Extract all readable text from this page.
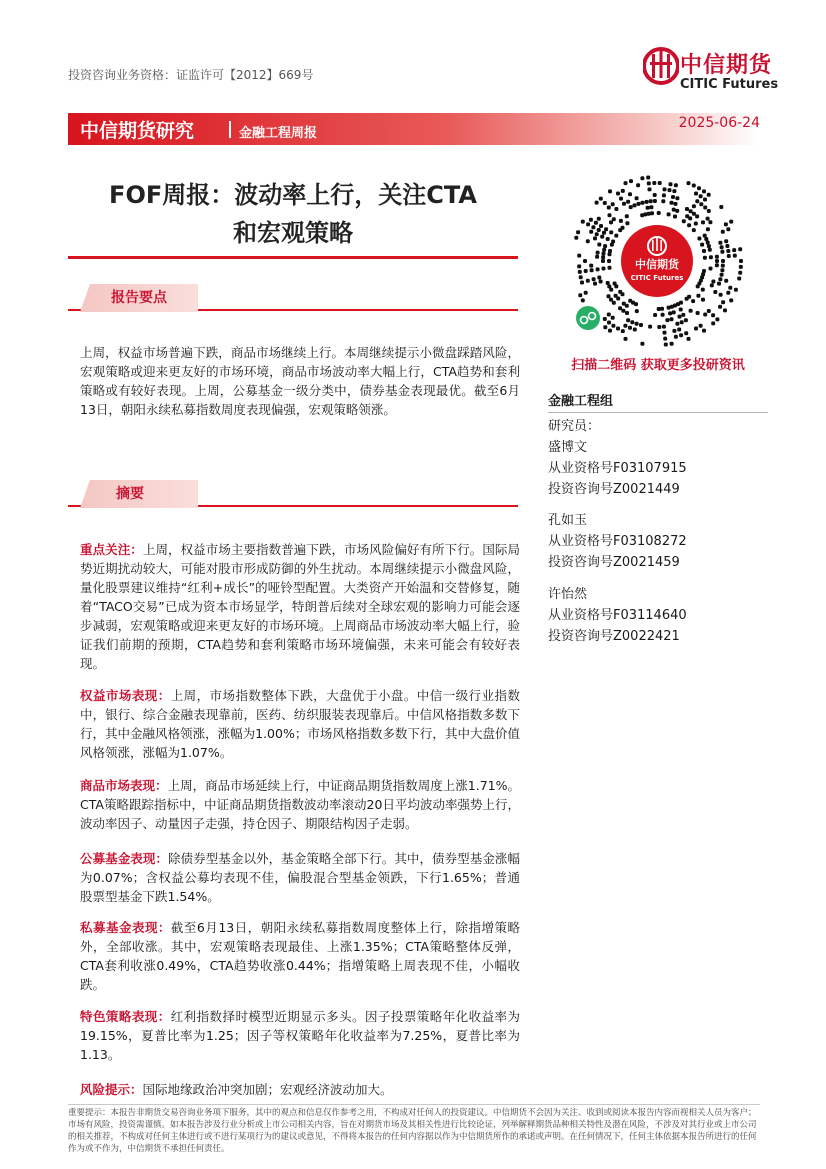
投资咨询业务资格：证监许可【2012】669号	中信期货
CITIC Futures
中信期货研究	金融工程周报
2025-06-24
FOF周报：波动率上行，关注CTA
和宏观策略
报告要点
上周，权益市场普遍下跌，商品市场继续上行。本周继续提示小微盘踩踏风险，宏观策略或迎来更友好的市场环境，商品市场波动率大幅上行，CTA趋势和套利策略或有较好表现。上周，公募基金一级分类中，债券基金表现最优。截至6月13日，朝阳永续私募指数周度表现偏强，宏观策略领涨。
摘要
重点关注：上周，权益市场主要指数普遍下跌，市场风险偏好有所下行。国际局势近期扰动较大，可能对股市形成防御的外生扰动。本周继续提示小微盘风险，量化股票建议维持“红利+成长”的哑铃型配置。大类资产开始温和交替修复，随着“TACO交易”已成为资本市场显学，特朗普后续对全球宏观的影响力可能会逐步减弱，宏观策略或迎来更友好的市场环境。上周商品市场波动率大幅上行，验证我们前期的预期，CTA趋势和套利策略市场环境偏强，未来可能会有较好表现。
权益市场表现：上周，市场指数整体下跌，大盘优于小盘。中信一级行业指数中，银行、综合金融表现靠前，医药、纺织服装表现靠后。中信风格指数多数下行，其中金融风格领涨，涨幅为1.00%；市场风格指数多数下行，其中大盘价值风格领涨，涨幅为1.07%。
商品市场表现：上周，商品市场延续上行，中证商品期货指数周度上涨1.71%。CTA策略跟踪指标中，中证商品期货指数波动率滚动20日平均波动率强势上行，波动率因子、动量因子走强，持仓因子、期限结构因子走弱。
公募基金表现：除债券型基金以外，基金策略全部下行。其中，债券型基金涨幅为0.07%；含权益公募均表现不佳，偏股混合型基金领跌，下行1.65%；普通股票型基金下跌1.54%。
私募基金表现：截至6月13日，朝阳永续私募指数周度整体上行，除指增策略外，全部收涨。其中，宏观策略表现最佳、上涨1.35%；CTA策略整体反弹，CTA套利收涨0.49%，CTA趋势收涨0.44%；指增策略上周表现不佳，小幅收跌。
特色策略表现：红利指数择时模型近期显示多头。因子投票策略年化收益率为19.15%，夏普比率为1.25；因子等权策略年化收益率为7.25%，夏普比率为1.13。
风险提示：国际地缘政治冲突加剧；宏观经济波动加大。
中信期货
CITIC Futures
扫描二维码 获取更多投研资讯
金融工程组
研究员：
盛博文
从业资格号F03107915
投资咨询号Z0021449
孔如玉
从业资格号F03108272
投资咨询号Z0021459
许怡然
从业资格号F03114640
投资咨询号Z0022421
重要提示：本报告非期货交易咨询业务项下服务，其中的观点和信息仅作参考之用，不构成对任何人的投资建议。中信期货不会因为关注、收到或阅读本报告内容而视相关人员为客户；市场有风险，投资需谨慎。如本报告涉及行业分析或上市公司相关内容，旨在对期货市场及其相关性进行比较论证，列举解释期货品种相关特性及潜在风险，不涉及对其行业或上市公司的相关推荐，不构成对任何主体进行或不进行某项行为的建议或意见，不得将本报告的任何内容据以作为中信期货所作的承诺或声明。在任何情况下，任何主体依据本报告所进行的任何作为或不作为，中信期货不承担任何责任。
